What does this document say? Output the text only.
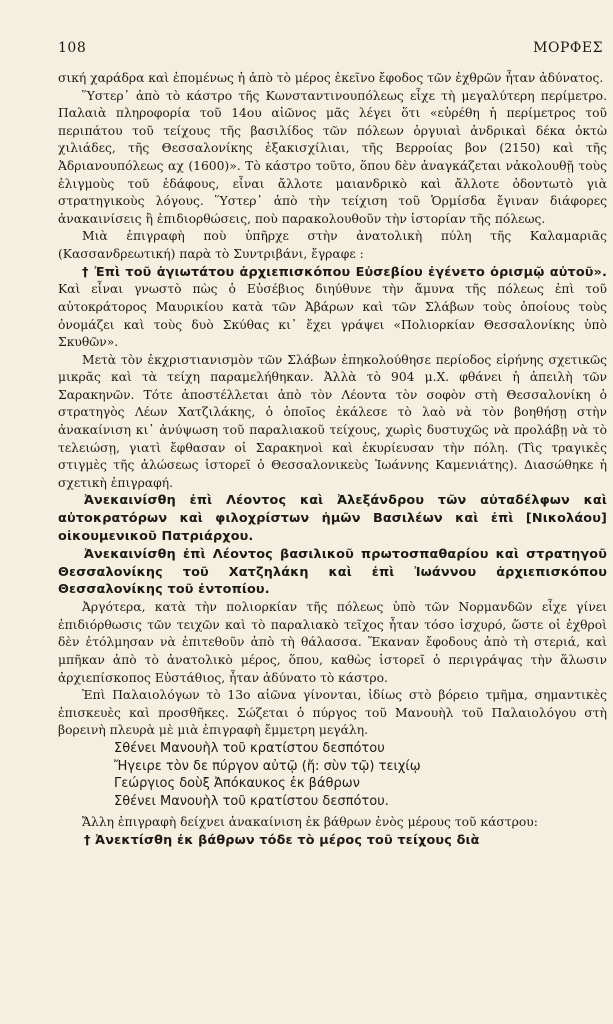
108	ΜΟΡΦΕΣ

σική χαράδρα καὶ ἐπομένως ἡ ἀπὸ τὸ μέρος ἐκεῖνο ἔφοδος τῶν ἐχθρῶν ἦταν ἀδύνατος.

Ὕστερ᾽ ἀπὸ τὸ κάστρο τῆς Κωνσταντινουπόλεως εἶχε τὴ μεγαλύτερη περίμετρο. Παλαιὰ πληροφορία τοῦ 14ου αἰῶνος μᾶς λέγει ὅτι «εὑρέθη ἡ περίμετρος τοῦ περιπάτου τοῦ τείχους τῆς βασιλίδος τῶν πόλεων ὀργυιαὶ ἀνδρικαὶ δέκα ὀκτὼ χιλιάδες, τῆς Θεσσαλονίκης ἑξακισχίλιαι, τῆς Βερροίας βον (2150) καὶ τῆς Ἀδριανουπόλεως αχ (1600)». Τὸ κάστρο τοῦτο, ὅπου δὲν ἀναγκάζεται νἀκολουθῇ τοὺς ἑλιγμοὺς τοῦ ἐδάφους, εἶναι ἄλλοτε μαιανδρικὸ καὶ ἄλλοτε ὀδοντωτὸ γιὰ στρατηγικοὺς λόγους. Ὕστερ᾽ ἀπὸ τὴν τείχιση τοῦ Ὁρμίσδα ἔγιναν διάφορες ἀνακαινίσεις ἢ ἐπιδιορθώσεις, ποὺ παρακολουθοῦν τὴν ἱστορίαν τῆς πόλεως.

Μιὰ ἐπιγραφὴ ποὺ ὑπῆρχε στὴν ἀνατολικὴ πύλη τῆς Καλαμαριᾶς (Κασσανδρεωτική) παρὰ τὸ Συντριβάνι, ἔγραφε :

† Ἐπὶ τοῦ ἁγιωτάτου ἀρχιεπισκόπου Εὐσεβίου ἐγένετο ὀρισμῷ αὐτοῦ». Καὶ εἶναι γνωστὸ πὼς ὁ Εὐσέβιος διηύθυνε τὴν ἄμυνα τῆς πόλεως ἐπὶ τοῦ αὐτοκράτορος Μαυρικίου κατὰ τῶν Ἀβάρων καὶ τῶν Σλάβων τοὺς ὁποίους τοὺς ὀνομάζει καὶ τοὺς δυὸ Σκύθας κι᾽ ἔχει γράψει «Πολιορκίαν Θεσσαλονίκης ὑπὸ Σκυθῶν».

Μετὰ τὸν ἐκχριστιανισμὸν τῶν Σλάβων ἐπηκολούθησε περίοδος εἰρήνης σχετικῶς μικρᾶς καὶ τὰ τείχη παραμελήθηκαν. Ἀλλὰ τὸ 904 μ.Χ. φθάνει ἡ ἀπειλὴ τῶν Σαρακηνῶν. Τότε ἀποστέλλεται ἀπὸ τὸν Λέοντα τὸν σοφὸν στὴ Θεσσαλονίκη ὁ στρατηγὸς Λέων Χατζιλάκης, ὁ ὁποῖος ἐκάλεσε τὸ λαὸ νὰ τὸν βοηθήσῃ στὴν ἀνακαίνιση κι᾽ ἀνύψωση τοῦ παραλιακοῦ τείχους, χωρὶς δυστυχῶς νὰ προλάβῃ νὰ τὸ τελειώσῃ, γιατὶ ἔφθασαν οἱ Σαρακηνοὶ καὶ ἐκυρίευσαν τὴν πόλη. (Τὶς τραγικὲς στιγμὲς τῆς ἁλώσεως ἱστορεῖ ὁ Θεσσαλονικεὺς Ἰωάννης Καμενιάτης). Διασώθηκε ἡ σχετικὴ ἐπιγραφή.

Ἀνεκαινίσθη ἐπὶ Λέοντος καὶ Ἀλεξάνδρου τῶν αὐταδέλφων καὶ αὐτοκρατόρων καὶ φιλοχρίστων ἡμῶν Βασιλέων καὶ ἐπὶ [Νικολάου] οἰκουμενικοῦ Πατριάρχου.

Ἀνεκαινίσθη ἐπὶ Λέοντος βασιλικοῦ πρωτοσπαθαρίου καὶ στρατηγοῦ Θεσσαλονίκης τοῦ Χατζηλάκη καὶ ἐπὶ Ἰωάννου ἀρχιεπισκόπου Θεσσαλονίκης τοῦ ἐντοπίου.

Ἀργότερα, κατὰ τὴν πολιορκίαν τῆς πόλεως ὑπὸ τῶν Νορμανδῶν εἶχε γίνει ἐπιδιόρθωσις τῶν τειχῶν καὶ τὸ παραλιακὸ τεῖχος ἦταν τόσο ἰσχυρό, ὥστε οἱ ἐχθροὶ δὲν ἐτόλμησαν νὰ ἐπιτεθοῦν ἀπὸ τὴ θάλασσα. Ἔκαναν ἔφοδους ἀπὸ τὴ στεριά, καὶ μπῆκαν ἀπὸ τὸ ἀνατολικὸ μέρος, ὅπου, καθὼς ἱστορεῖ ὁ περιγράψας τὴν ἅλωσιν ἀρχιεπίσκοπος Εὐστάθιος, ἦταν ἀδύνατο τὸ κάστρο.

Ἐπὶ Παλαιολόγων τὸ 13ο αἰῶνα γίνονται, ἰδίως στὸ βόρειο τμῆμα, σημαντικὲς ἐπισκευὲς καὶ προσθῆκες. Σώζεται ὁ πύργος τοῦ Μανουὴλ τοῦ Παλαιολόγου στὴ βορεινὴ πλευρὰ μὲ μιὰ ἐπιγραφὴ ἔμμετρη μεγάλη.

Σθένει Μανουὴλ τοῦ κρατίστου δεσπότου

Ἤγειρε τὸν δε πύργον αὐτῷ (ἤ: σὺν τῷ) τειχίῳ

Γεώργιος δοὺξ Ἀπόκαυκος ἐκ βάθρων

Σθένει Μανουὴλ τοῦ κρατίστου δεσπότου.

Ἄλλη ἐπιγραφὴ δείχνει ἀνακαίνιση ἐκ βάθρων ἑνὸς μέρους τοῦ κάστρου:

† Ἀνεκτίσθη ἐκ βάθρων τόδε τὸ μέρος τοῦ τείχους διὰ
